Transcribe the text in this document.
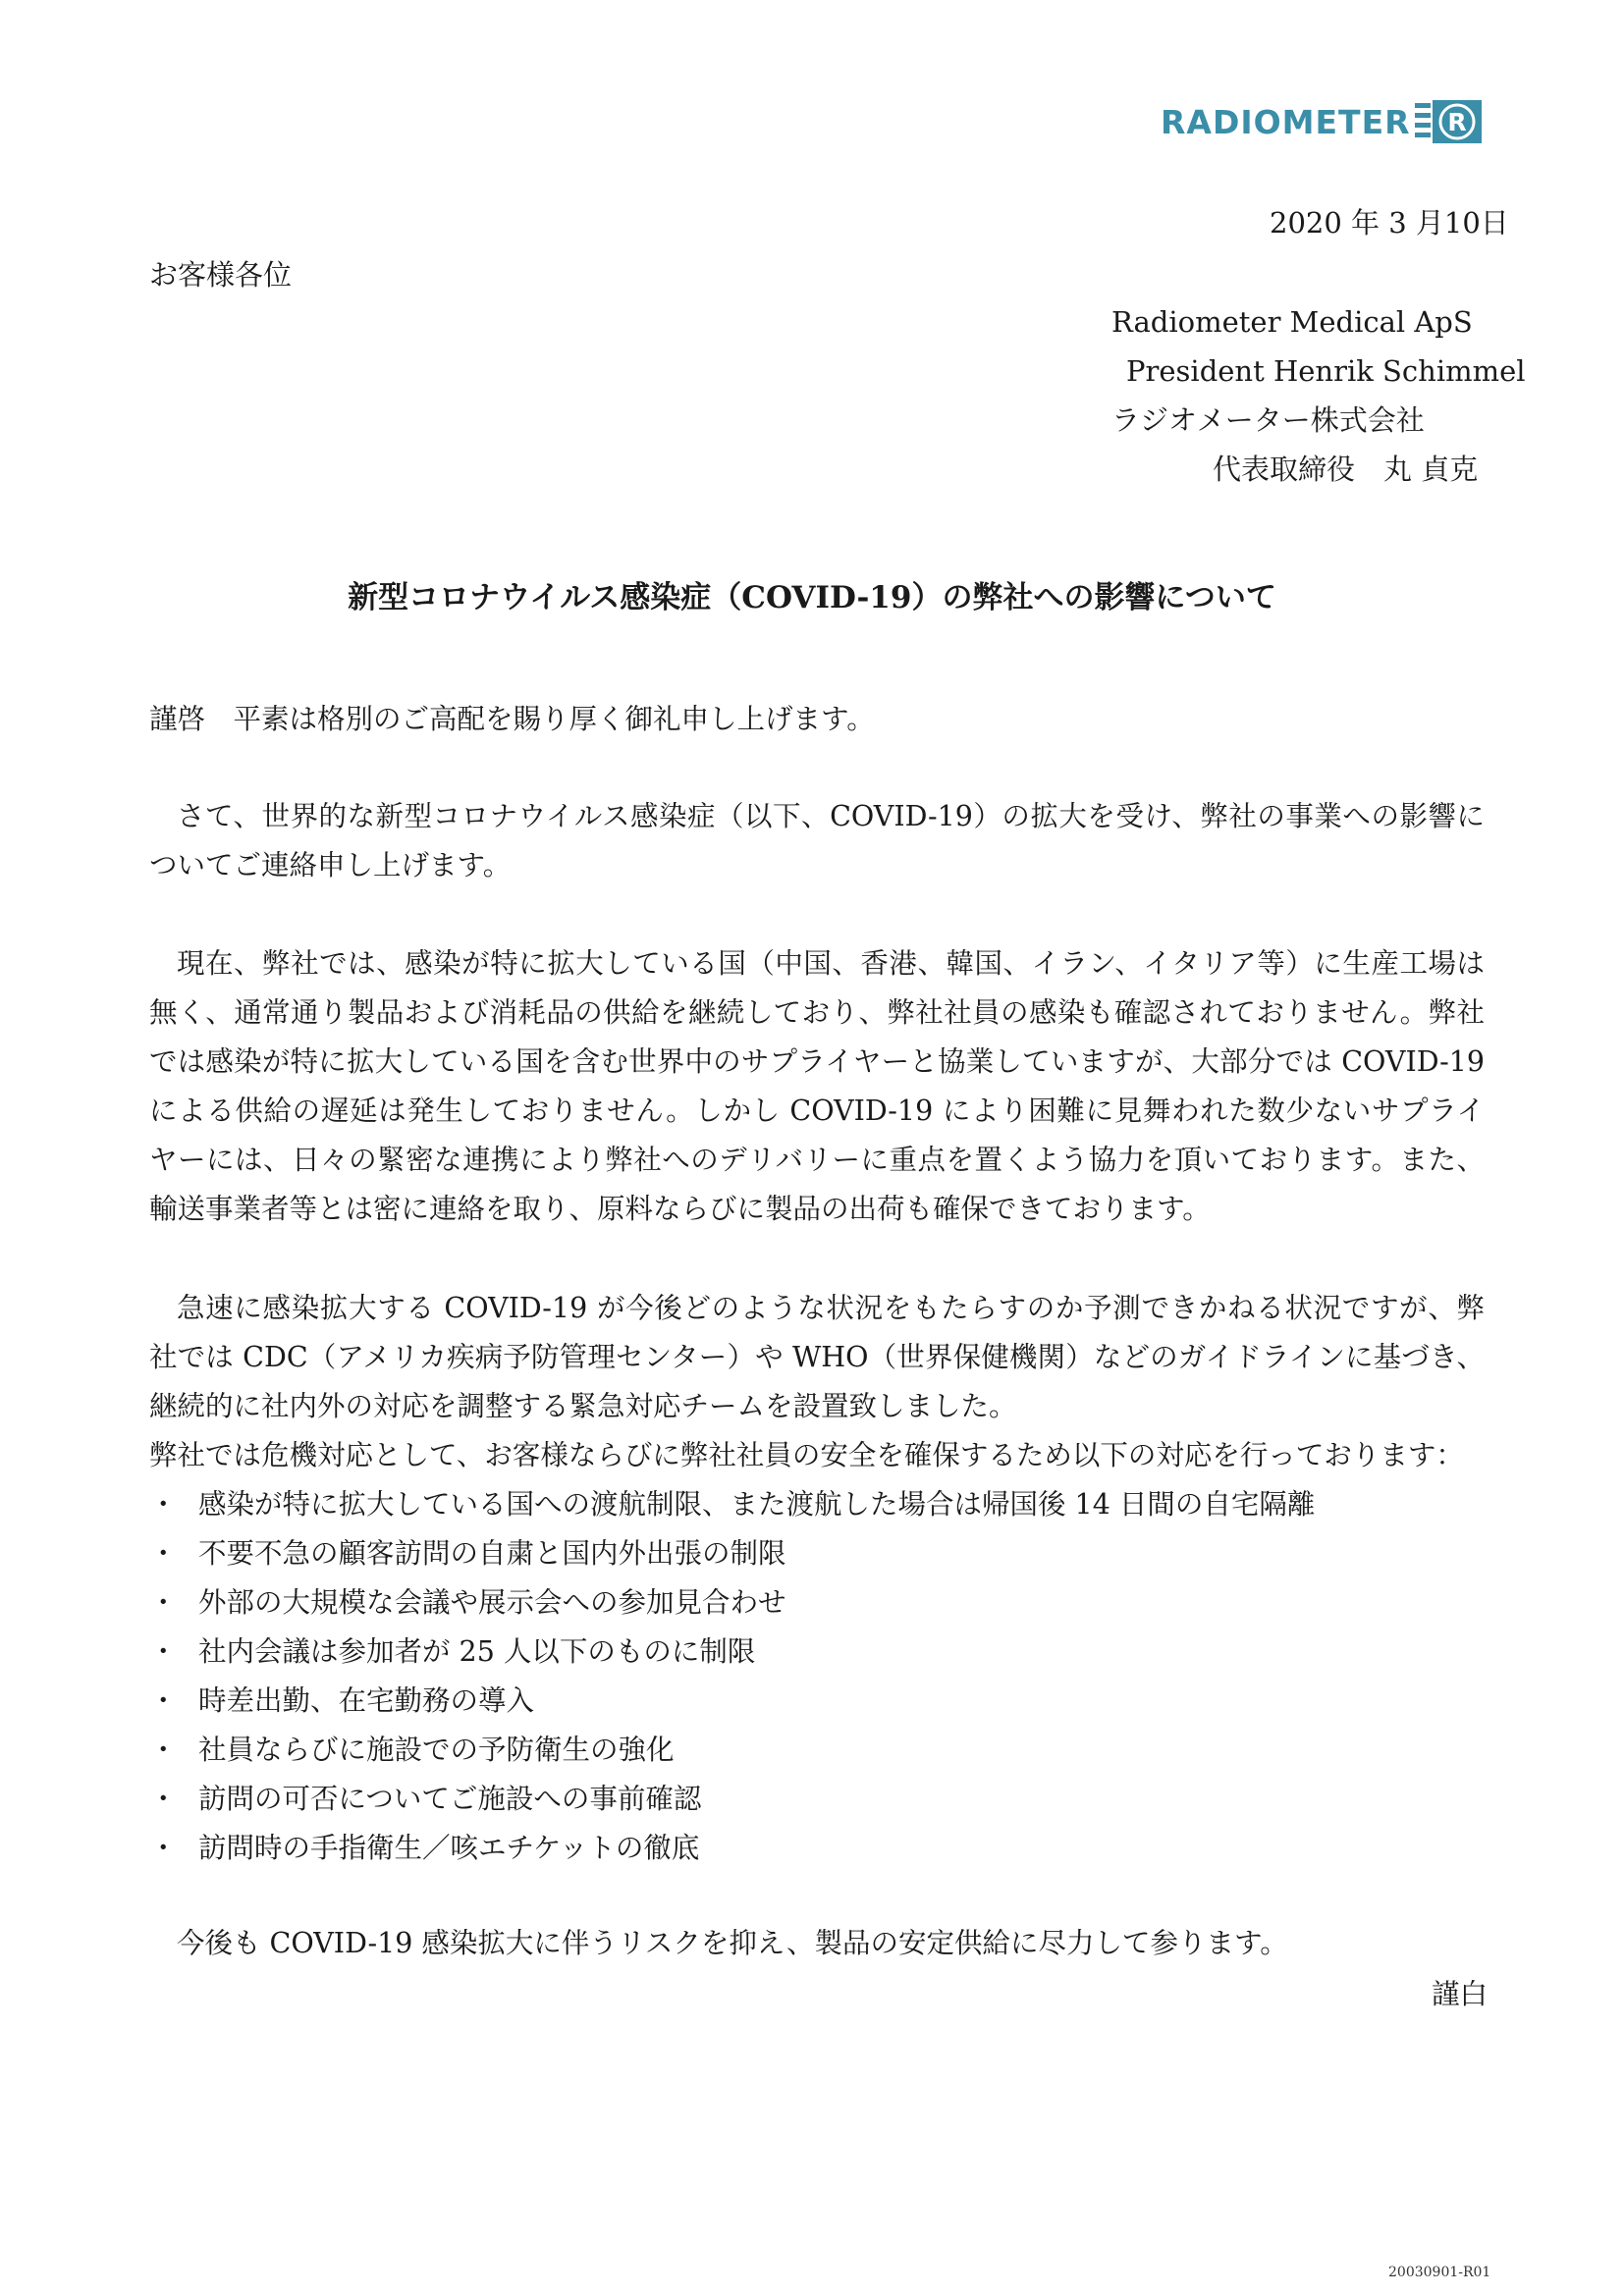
RADIOMETER R
2020 年 3 月10日
お客様各位
Radiometer Medical ApS
President Henrik Schimmel
ラジオメーター株式会社
代表取締役　丸 貞克
新型コロナウイルス感染症（COVID-19）の弊社への影響について
謹啓　平素は格別のご高配を賜り厚く御礼申し上げます。
さて、世界的な新型コロナウイルス感染症（以下、COVID-19）の拡大を受け、弊社の事業への影響についてご連絡申し上げます。
現在、弊社では、感染が特に拡大している国（中国、香港、韓国、イラン、イタリア等）に生産工場は無く、通常通り製品および消耗品の供給を継続しており、弊社社員の感染も確認されておりません。弊社では感染が特に拡大している国を含む世界中のサプライヤーと協業していますが、大部分では COVID-19 による供給の遅延は発生しておりません。しかし COVID-19 により困難に見舞われた数少ないサプライヤーには、日々の緊密な連携により弊社へのデリバリーに重点を置くよう協力を頂いております。また、輸送事業者等とは密に連絡を取り、原料ならびに製品の出荷も確保できております。
急速に感染拡大する COVID-19 が今後どのような状況をもたらすのか予測できかねる状況ですが、弊社では CDC（アメリカ疾病予防管理センター）や WHO（世界保健機関）などのガイドラインに基づき、継続的に社内外の対応を調整する緊急対応チームを設置致しました。
弊社では危機対応として、お客様ならびに弊社社員の安全を確保するため以下の対応を行っております：
・ 感染が特に拡大している国への渡航制限、また渡航した場合は帰国後 14 日間の自宅隔離
・ 不要不急の顧客訪問の自粛と国内外出張の制限
・ 外部の大規模な会議や展示会への参加見合わせ
・ 社内会議は参加者が 25 人以下のものに制限
・ 時差出勤、在宅勤務の導入
・ 社員ならびに施設での予防衛生の強化
・ 訪問の可否についてご施設への事前確認
・ 訪問時の手指衛生／咳エチケットの徹底
今後も COVID-19 感染拡大に伴うリスクを抑え、製品の安定供給に尽力して参ります。
謹白
20030901-R01
